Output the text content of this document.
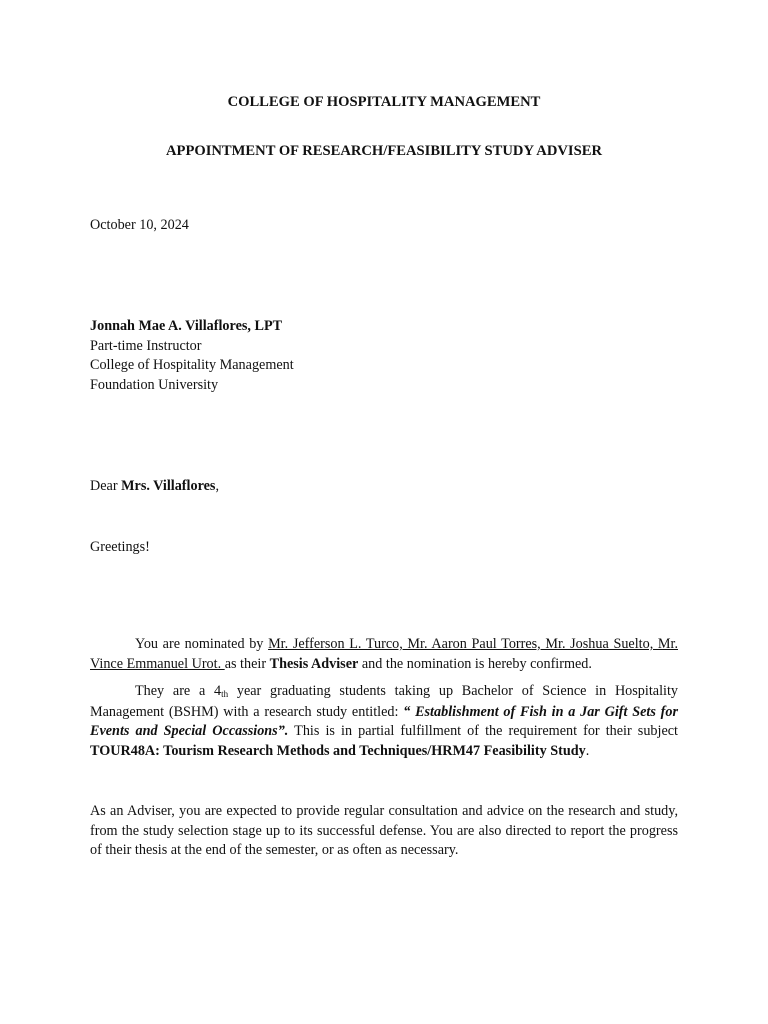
COLLEGE OF HOSPITALITY MANAGEMENT

APPOINTMENT OF RESEARCH/FEASIBILITY STUDY ADVISER

October 10, 2024

Jonnah Mae A. Villaflores, LPT
Part-time Instructor
College of Hospitality Management
Foundation University

Dear Mrs. Villaflores,

Greetings!

You are nominated by Mr. Jefferson L. Turco, Mr. Aaron Paul Torres, Mr. Joshua Suelto, Mr. Vince Emmanuel Urot. as their Thesis Adviser and the nomination is hereby confirmed.

They are a 4th year graduating students taking up Bachelor of Science in Hospitality Management (BSHM) with a research study entitled: “ Establishment of Fish in a Jar Gift Sets for Events and Special Occassions”. This is in partial fulfillment of the requirement for their subject TOUR48A: Tourism Research Methods and Techniques/HRM47 Feasibility Study.

As an Adviser, you are expected to provide regular consultation and advice on the research and study, from the study selection stage up to its successful defense. You are also directed to report the progress of their thesis at the end of the semester, or as often as necessary.
